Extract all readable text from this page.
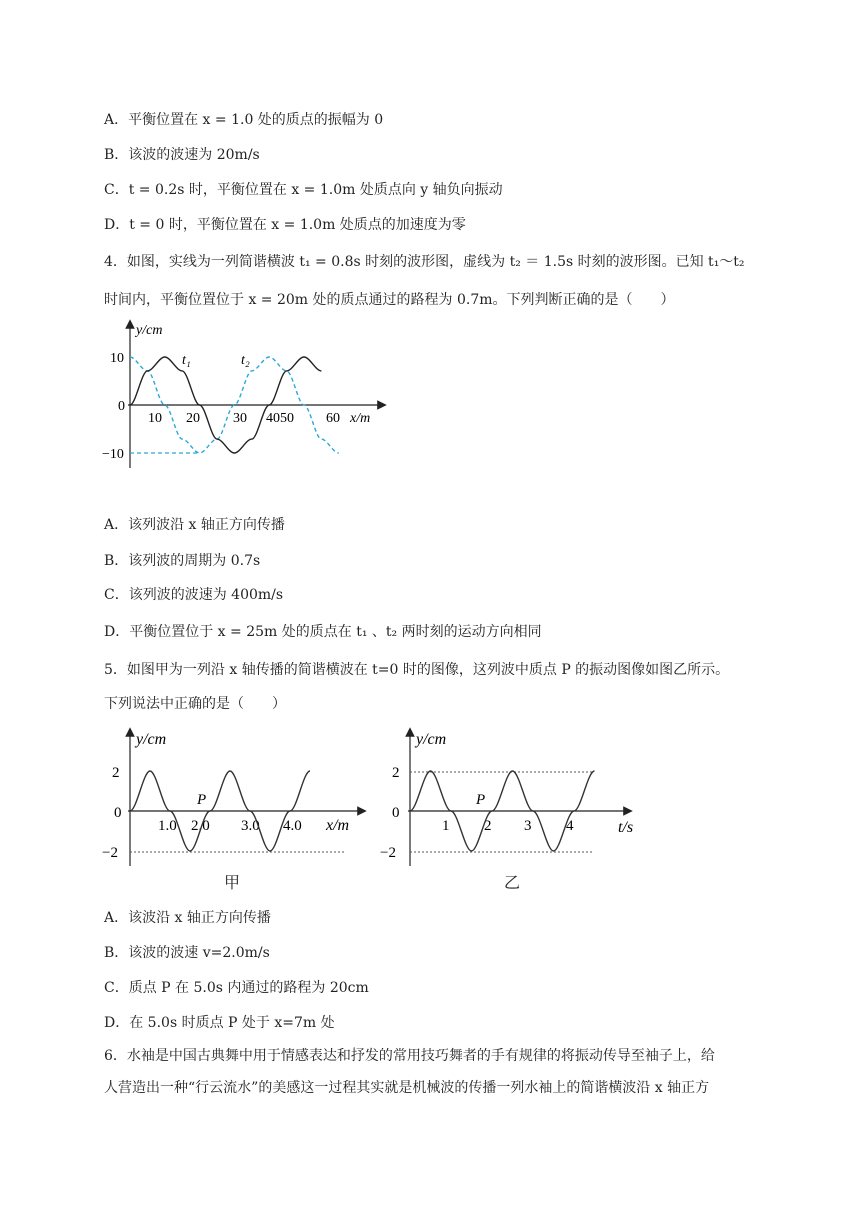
A．平衡位置在 x = 1.0 处的质点的振幅为 0
B．该波的波速为 20m/s
C．t = 0.2s 时，平衡位置在 x = 1.0m 处质点向 y 轴负向振动
D．t = 0 时，平衡位置在 x = 1.0m 处质点的加速度为零
4．如图，实线为一列简谐横波 t₁ = 0.8s 时刻的波形图，虚线为 t₂ ＝ 1.5s 时刻的波形图。已知 t₁～t₂
时间内，平衡位置位于 x = 20m 处的质点通过的路程为 0.7m。下列判断正确的是（　　）
y/cm
x/m
10
0
−10
10 20 30 4050 60
t₁	t₂
A．该列波沿 x 轴正方向传播
B．该列波的周期为 0.7s
C．该列波的波速为 400m/s
D．平衡位置位于 x = 25m 处的质点在 t₁ 、t₂ 两时刻的运动方向相同
5．如图甲为一列沿 x 轴传播的简谐横波在 t=0 时的图像，这列波中质点 P 的振动图像如图乙所示。
下列说法中正确的是（　　）
y/cm
x/m
2
0
−2
1.0 2.0 3.0 4.0
P
甲
y/cm
t/s
2
0
−2
1 2 3 4
P
乙
A．该波沿 x 轴正方向传播
B．该波的波速 v=2.0m/s
C．质点 P 在 5.0s 内通过的路程为 20cm
D．在 5.0s 时质点 P 处于 x=7m 处
6．水袖是中国古典舞中用于情感表达和抒发的常用技巧舞者的手有规律的将振动传导至袖子上，给
人营造出一种“行云流水”的美感这一过程其实就是机械波的传播一列水袖上的简谐横波沿 x 轴正方
